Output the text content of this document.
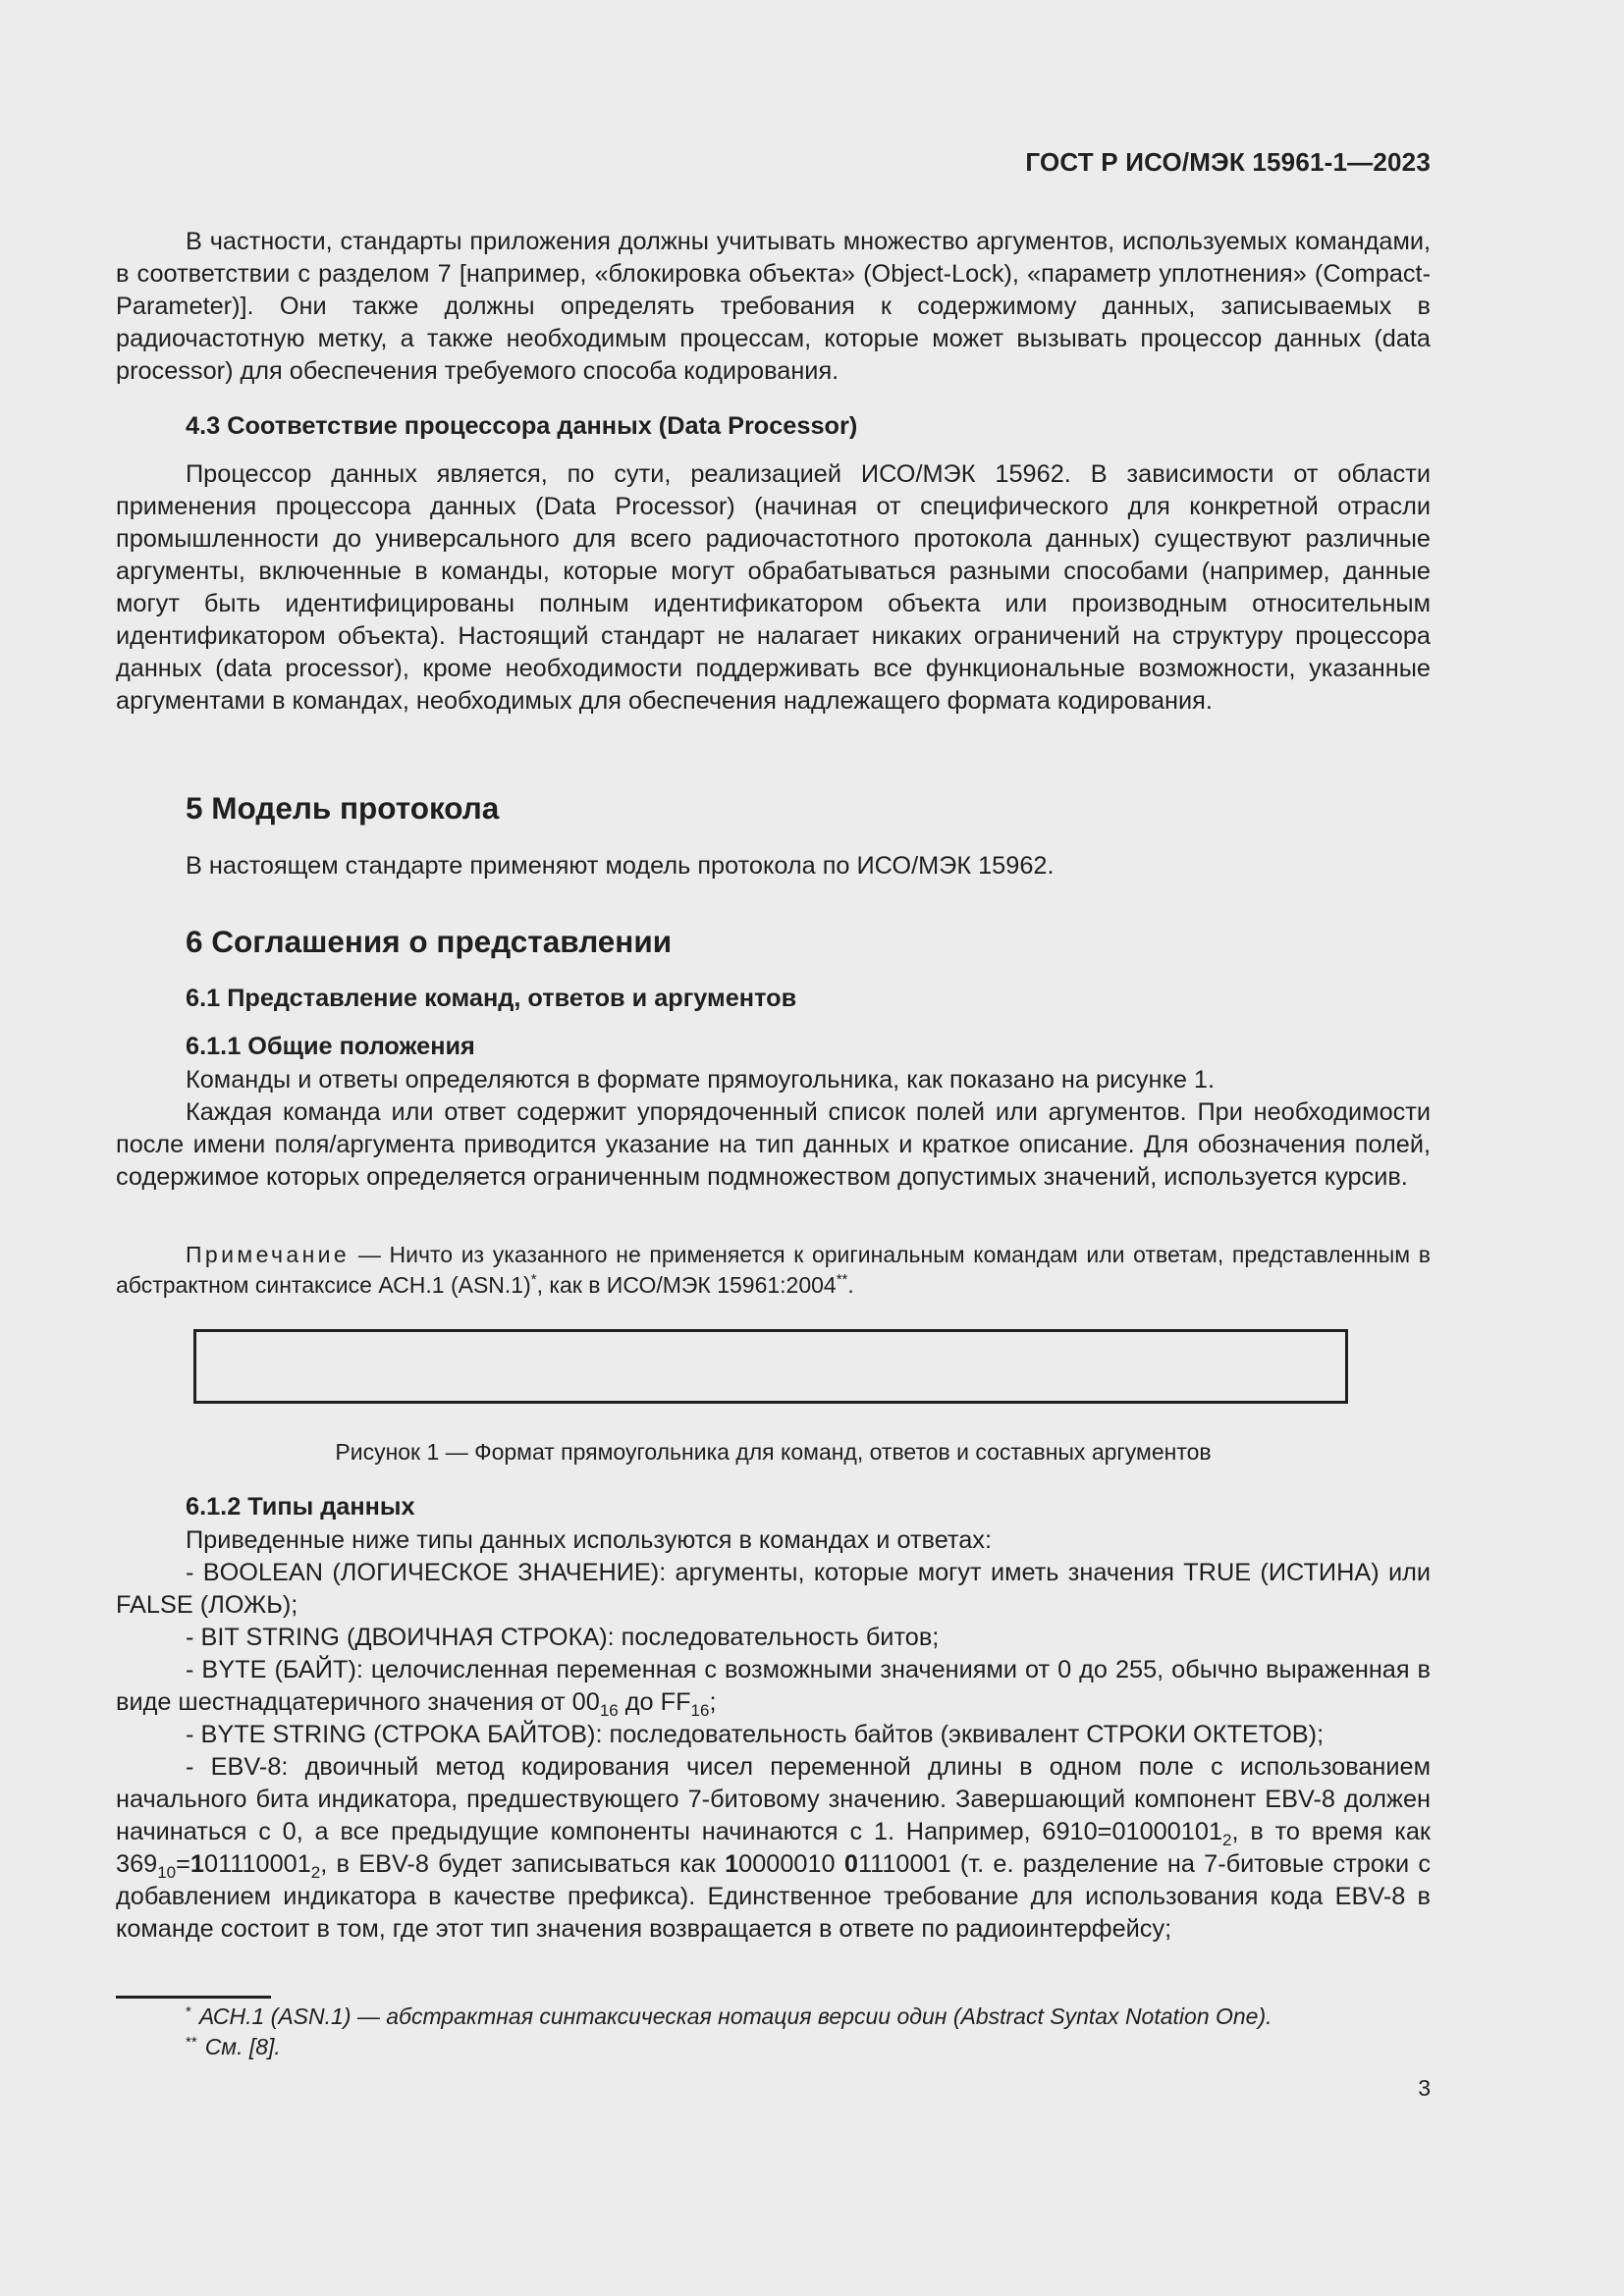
ГОСТ Р ИСО/МЭК 15961-1—2023

В частности, стандарты приложения должны учитывать множество аргументов, используемых командами, в соответствии с разделом 7 [например, «блокировка объекта» (Object-Lock), «параметр уплотнения» (Compact-Parameter)]. Они также должны определять требования к содержимому данных, записываемых в радиочастотную метку, а также необходимым процессам, которые может вызывать процессор данных (data processor) для обеспечения требуемого способа кодирования.

4.3 Соответствие процессора данных (Data Processor)

Процессор данных является, по сути, реализацией ИСО/МЭК 15962. В зависимости от области применения процессора данных (Data Processor) (начиная от специфического для конкретной отрасли промышленности до универсального для всего радиочастотного протокола данных) существуют различные аргументы, включенные в команды, которые могут обрабатываться разными способами (например, данные могут быть идентифицированы полным идентификатором объекта или производным относительным идентификатором объекта). Настоящий стандарт не налагает никаких ограничений на структуру процессора данных (data processor), кроме необходимости поддерживать все функциональные возможности, указанные аргументами в командах, необходимых для обеспечения надлежащего формата кодирования.

5 Модель протокола

В настоящем стандарте применяют модель протокола по ИСО/МЭК 15962.

6 Соглашения о представлении
6.1 Представление команд, ответов и аргументов
6.1.1 Общие положения

Команды и ответы определяются в формате прямоугольника, как показано на рисунке 1.

Каждая команда или ответ содержит упорядоченный список полей или аргументов. При необходимости после имени поля/аргумента приводится указание на тип данных и краткое описание. Для обозначения полей, содержимое которых определяется ограниченным подмножеством допустимых значений, используется курсив.

Примечание — Ничто из указанного не применяется к оригинальным командам или ответам, представленным в абстрактном синтаксисе АСН.1 (ASN.1)*, как в ИСО/МЭК 15961:2004**.

Рисунок 1 — Формат прямоугольника для команд, ответов и составных аргументов
6.1.2 Типы данных

Приведенные ниже типы данных используются в командах и ответах:

- BOOLEAN (ЛОГИЧЕСКОЕ ЗНАЧЕНИЕ): аргументы, которые могут иметь значения TRUE (ИСТИНА) или FALSE (ЛОЖЬ);

- BIT STRING (ДВОИЧНАЯ СТРОКА): последовательность битов;

- BYTE (БАЙТ): целочисленная переменная с возможными значениями от 0 до 255, обычно выраженная в виде шестнадцатеричного значения от $00_{16}$ до $FF_{16}$;

- BYTE STRING (СТРОКА БАЙТОВ): последовательность байтов (эквивалент СТРОКИ ОКТЕТОВ);

- EBV-8: двоичный метод кодирования чисел переменной длины в одном поле с использованием начального бита индикатора, предшествующего 7-битовому значению. Завершающий компонент EBV-8 должен начинаться с 0, а все предыдущие компоненты начинаются с 1. Например, $6910=01000101_2$, в то время как $369_{10}=101110001_2$, в EBV-8 будет записываться как 10000010 01110001 (т. е. разделение на 7-битовые строки с добавлением индикатора в качестве префикса). Единственное требование для использования кода EBV-8 в команде состоит в том, где этот тип значения возвращается в ответе по радиоинтерфейсу;

* АСН.1 (ASN.1) — абстрактная синтаксическая нотация версии один (Abstract Syntax Notation One).
** См. [8].
3
